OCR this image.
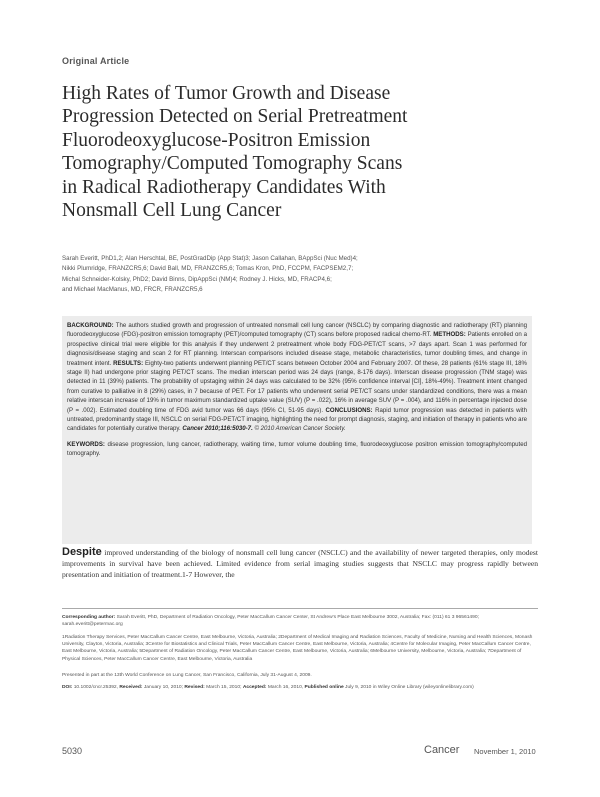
Original Article
High Rates of Tumor Growth and Disease
Progression Detected on Serial Pretreatment
Fluorodeoxyglucose-Positron Emission
Tomography/Computed Tomography Scans
in Radical Radiotherapy Candidates With
Nonsmall Cell Lung Cancer
Sarah Everitt, PhD1,2; Alan Herschtal, BE, PostGradDip (App Stat)3; Jason Callahan, BAppSci (Nuc Med)4;
Nikki Plumridge, FRANZCR5,6; David Ball, MD, FRANZCR5,6; Tomas Kron, PhD, FCCPM, FACPSEM2,7;
Michal Schneider-Kolsky, PhD2; David Binns, DipAppSci (NM)4; Rodney J. Hicks, MD, FRACP4,6;
and Michael MacManus, MD, FRCR, FRANZCR5,6

BACKGROUND: The authors studied growth and progression of untreated nonsmall cell lung cancer (NSCLC) by comparing diagnostic and radiotherapy (RT) planning fluorodeoxyglucose (FDG)-positron emission tomography (PET)/computed tomography (CT) scans before proposed radical chemo-RT. METHODS: Patients enrolled on a prospective clinical trial were eligible for this analysis if they underwent 2 pretreatment whole body FDG-PET/CT scans, >7 days apart. Scan 1 was performed for diagnosis/disease staging and scan 2 for RT planning. Interscan comparisons included disease stage, metabolic characteristics, tumor doubling times, and change in treatment intent. RESULTS: Eighty-two patients underwent planning PET/CT scans between October 2004 and February 2007. Of these, 28 patients (61% stage III, 18% stage II) had undergone prior staging PET/CT scans. The median interscan period was 24 days (range, 8-176 days). Interscan disease progression (TNM stage) was detected in 11 (39%) patients. The probability of upstaging within 24 days was calculated to be 32% (95% confidence interval [CI], 18%-49%). Treatment intent changed from curative to palliative in 8 (29%) cases, in 7 because of PET. For 17 patients who underwent serial PET/CT scans under standardized conditions, there was a mean relative interscan increase of 19% in tumor maximum standardized uptake value (SUV) (P = .022), 16% in average SUV (P = .004), and 116% in percentage injected dose (P = .002). Estimated doubling time of FDG avid tumor was 66 days (95% CI, 51-95 days). CONCLUSIONS: Rapid tumor progression was detected in patients with untreated, predominantly stage III, NSCLC on serial FDG-PET/CT imaging, highlighting the need for prompt diagnosis, staging, and initiation of therapy in patients who are candidates for potentially curative therapy. Cancer 2010;116:5030-7. © 2010 American Cancer Society.

KEYWORDS: disease progression, lung cancer, radiotherapy, waiting time, tumor volume doubling time, fluorodeoxyglucose positron emission tomography/computed tomography.

Despite improved understanding of the biology of nonsmall cell lung cancer (NSCLC) and the availability of newer targeted therapies, only modest improvements in survival have been achieved. Limited evidence from serial imaging studies suggests that NSCLC may progress rapidly between presentation and initiation of treatment.1-7 However, the
Corresponding author: Sarah Everitt, PhD, Department of Radiation Oncology, Peter MacCallum Cancer Center, St Andrew's Place East Melbourne 3002, Australia; Fax: (011) 61 3 96561490; sarah.everitt@petermac.org
1Radiation Therapy Services, Peter MacCallum Cancer Centre, East Melbourne, Victoria, Australia; 2Department of Medical Imaging and Radiation Sciences, Faculty of Medicine, Nursing and Health Sciences, Monash University, Clayton, Victoria, Australia; 3Centre for Biostatistics and Clinical Trials, Peter MacCallum Cancer Centre, East Melbourne, Victoria, Australia; 4Centre for Molecular Imaging, Peter MacCallum Cancer Centre, East Melbourne, Victoria, Australia; 5Department of Radiation Oncology, Peter MacCallum Cancer Centre, East Melbourne, Victoria, Australia; 6Melbourne University, Melbourne, Victoria, Australia; 7Department of Physical Sciences, Peter MacCallum Cancer Centre, East Melbourne, Victoria, Australia
Presented in part at the 13th World Conference on Lung Cancer, San Francisco, California, July 31-August 4, 2009.
DOI: 10.1002/cncr.25392, Received: January 10, 2010; Revised: March 15, 2010; Accepted: March 16, 2010, Published online July 9, 2010 in Wiley Online Library (wileyonlinelibrary.com)
5030	Cancer November 1, 2010
